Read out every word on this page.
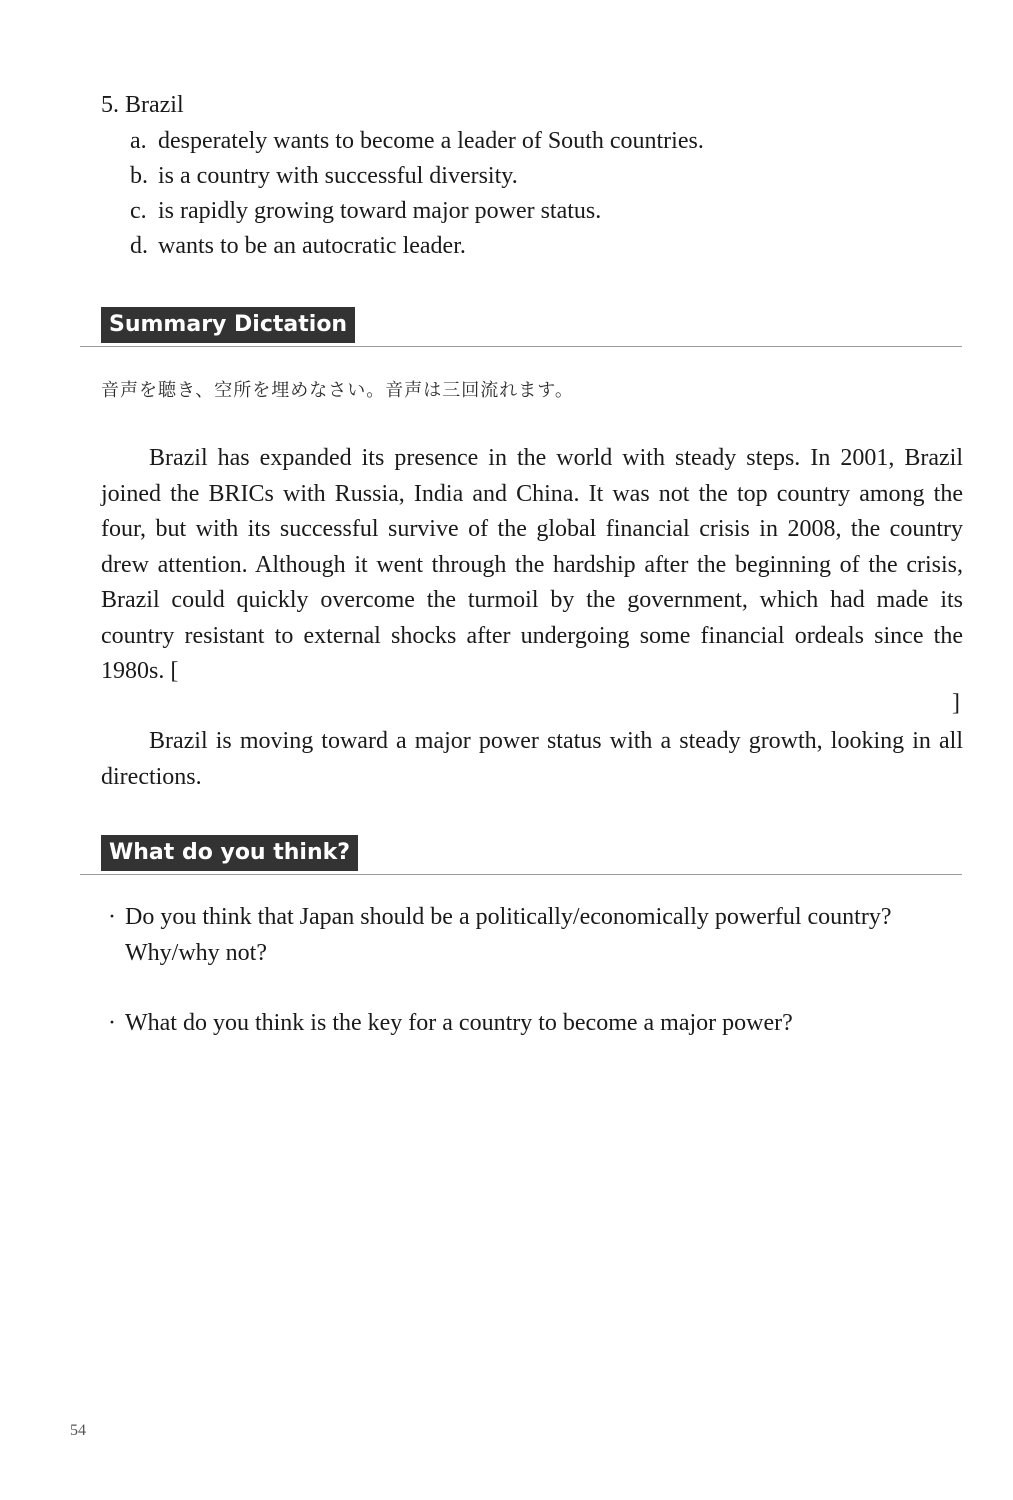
5. Brazil
a. desperately wants to become a leader of South countries.
b. is a country with successful diversity.
c. is rapidly growing toward major power status.
d. wants to be an autocratic leader.
Summary Dictation
音声を聴き、空所を埋めなさい。音声は三回流れます。
Brazil has expanded its presence in the world with steady steps. In 2001, Brazil joined the BRICs with Russia, India and China. It was not the top country among the four, but with its successful survive of the global financial crisis in 2008, the country drew attention. Although it went through the hardship after the beginning of the crisis, Brazil could quickly overcome the turmoil by the government, which had made its country resistant to external shocks after undergoing some financial ordeals since the 1980s. [
]
Brazil is moving toward a major power status with a steady growth, looking in all directions.
What do you think?
· Do you think that Japan should be a politically/economically powerful country? Why/why not?
· What do you think is the key for a country to become a major power?
54
